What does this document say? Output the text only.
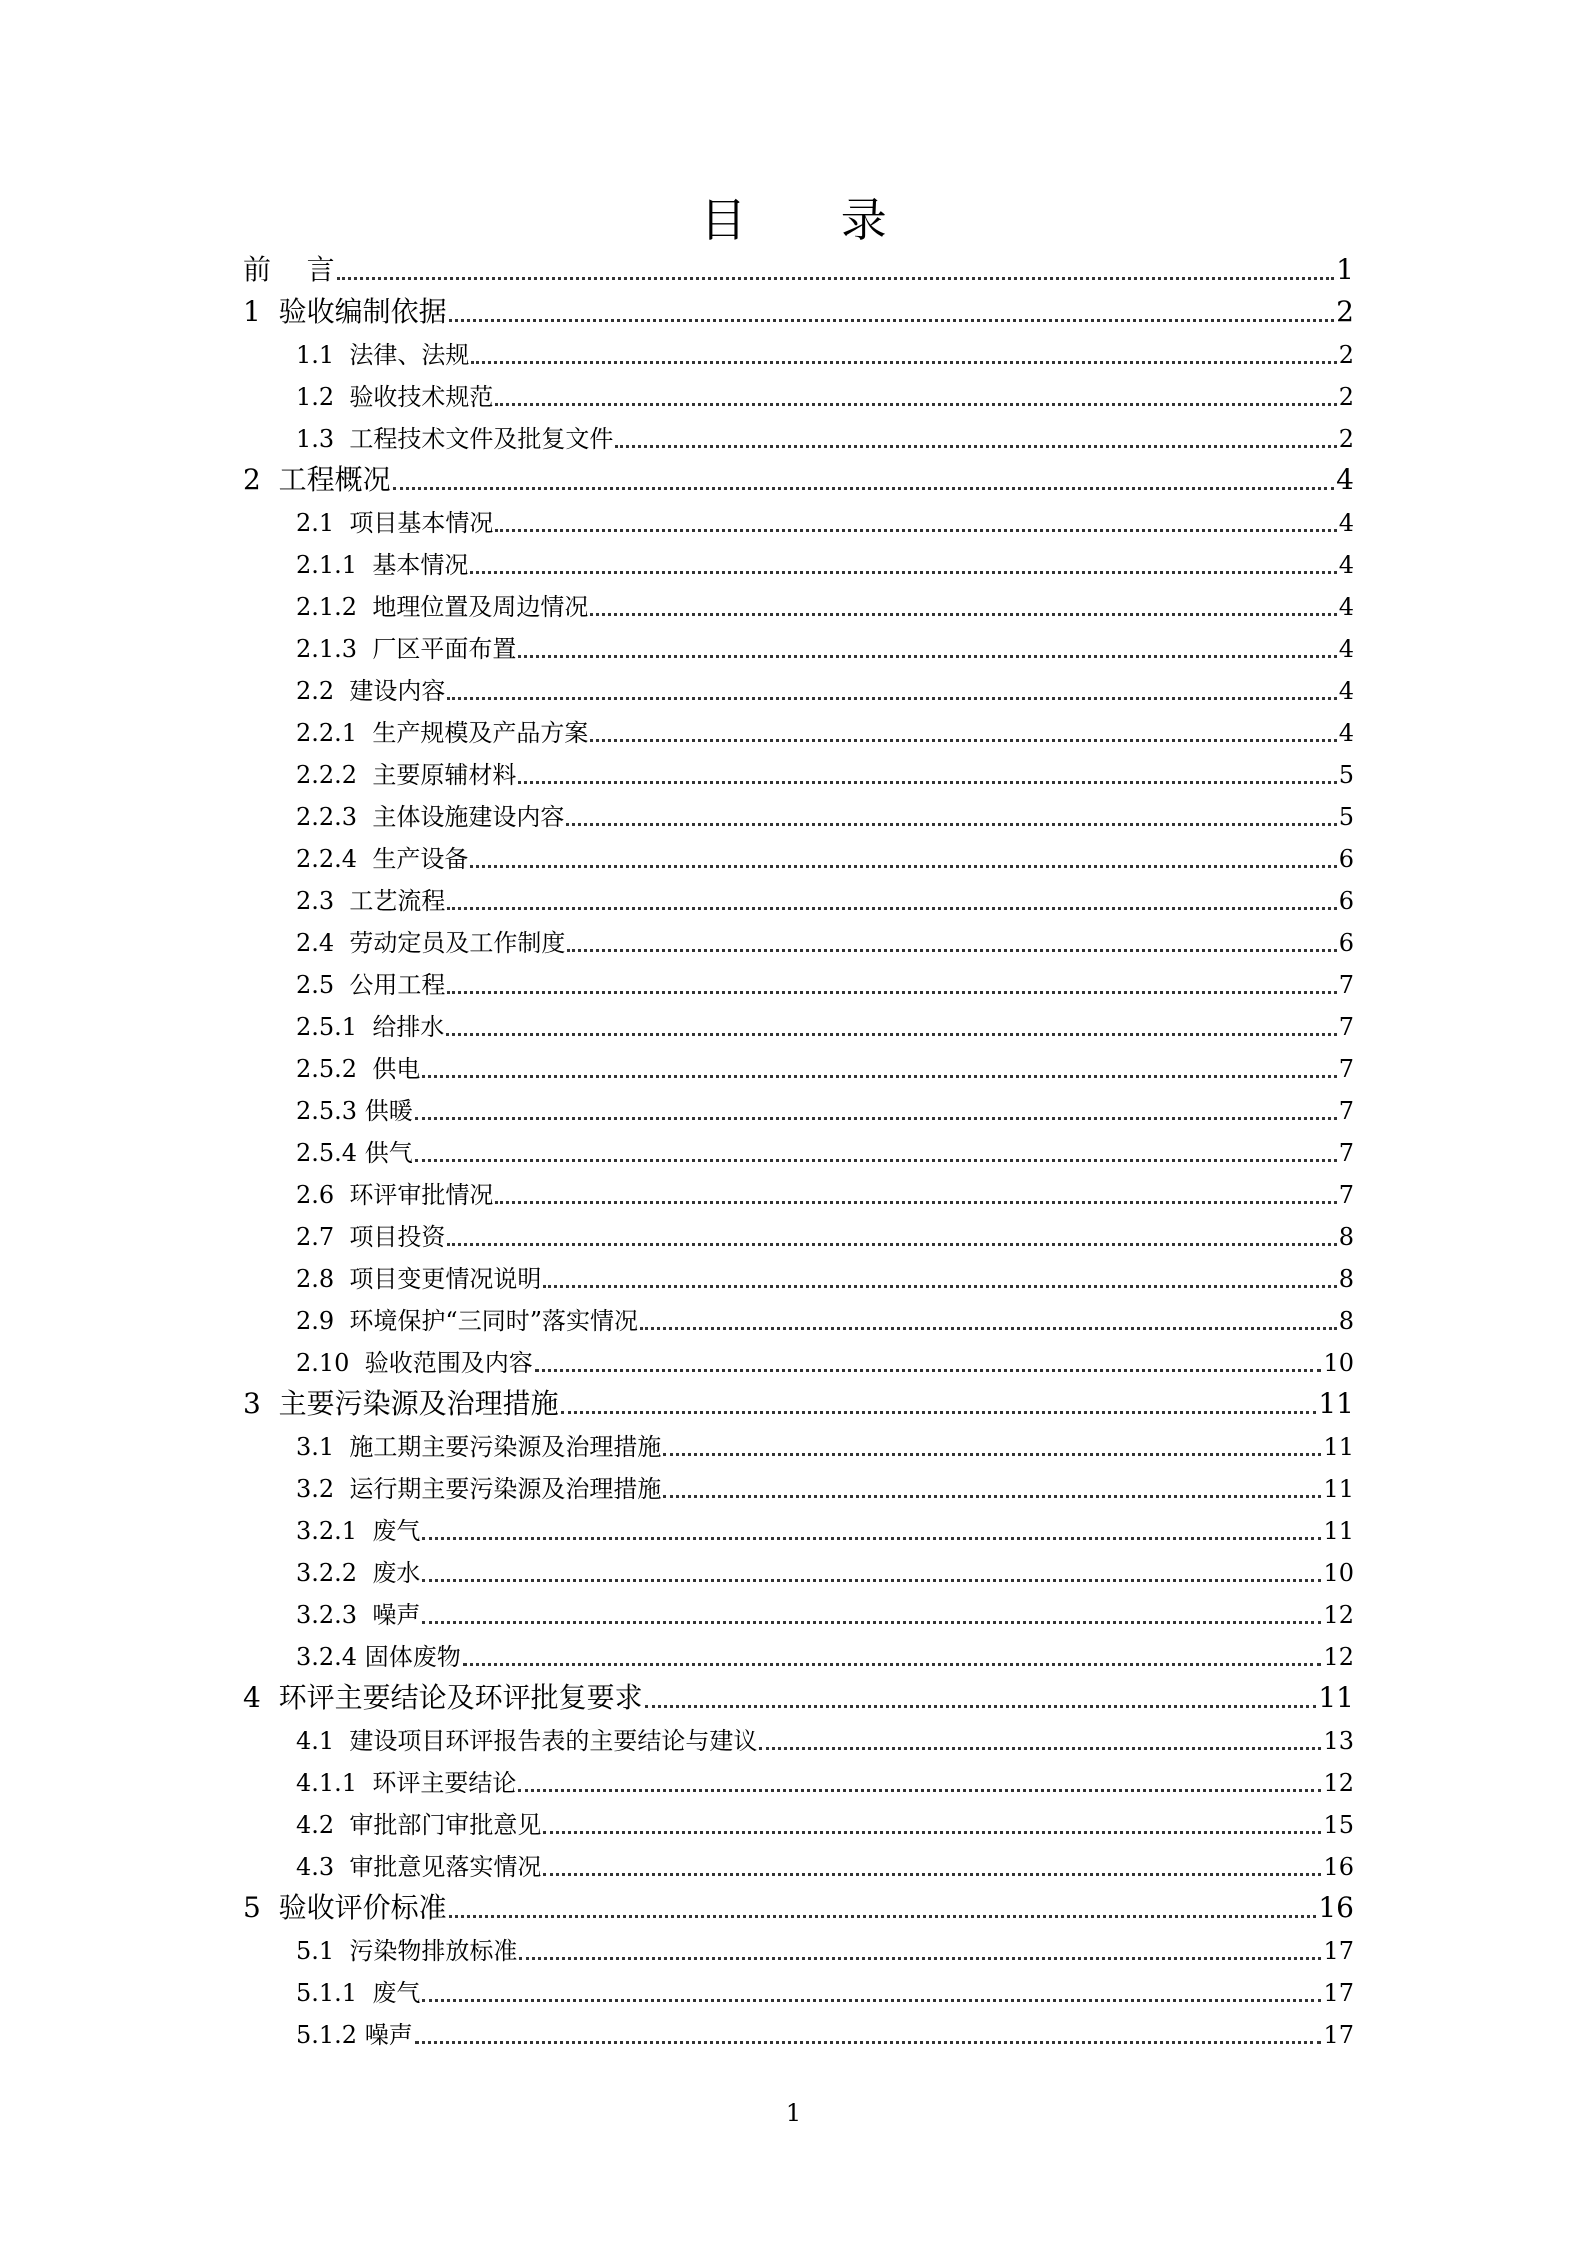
目 录
前    言	1
1  验收编制依据	2
1.1  法律、法规	2
1.2  验收技术规范	2
1.3  工程技术文件及批复文件	2
2  工程概况	4
2.1  项目基本情况	4
2.1.1  基本情况	4
2.1.2  地理位置及周边情况	4
2.1.3  厂区平面布置	4
2.2  建设内容	4
2.2.1  生产规模及产品方案	4
2.2.2  主要原辅材料	5
2.2.3  主体设施建设内容	5
2.2.4  生产设备	6
2.3  工艺流程	6
2.4  劳动定员及工作制度	6
2.5  公用工程	7
2.5.1  给排水	7
2.5.2  供电	7
2.5.3 供暖	7
2.5.4 供气	7
2.6  环评审批情况	7
2.7  项目投资	8
2.8  项目变更情况说明	8
2.9  环境保护“三同时”落实情况	8
2.10  验收范围及内容	10
3  主要污染源及治理措施	11
3.1  施工期主要污染源及治理措施	11
3.2  运行期主要污染源及治理措施	11
3.2.1  废气	11
3.2.2  废水	10
3.2.3  噪声	12
3.2.4 固体废物	12
4  环评主要结论及环评批复要求	11
4.1  建设项目环评报告表的主要结论与建议	13
4.1.1  环评主要结论	12
4.2  审批部门审批意见	15
4.3  审批意见落实情况	16
5  验收评价标准	16
5.1  污染物排放标准	17
5.1.1  废气	17
5.1.2 噪声	17
1
